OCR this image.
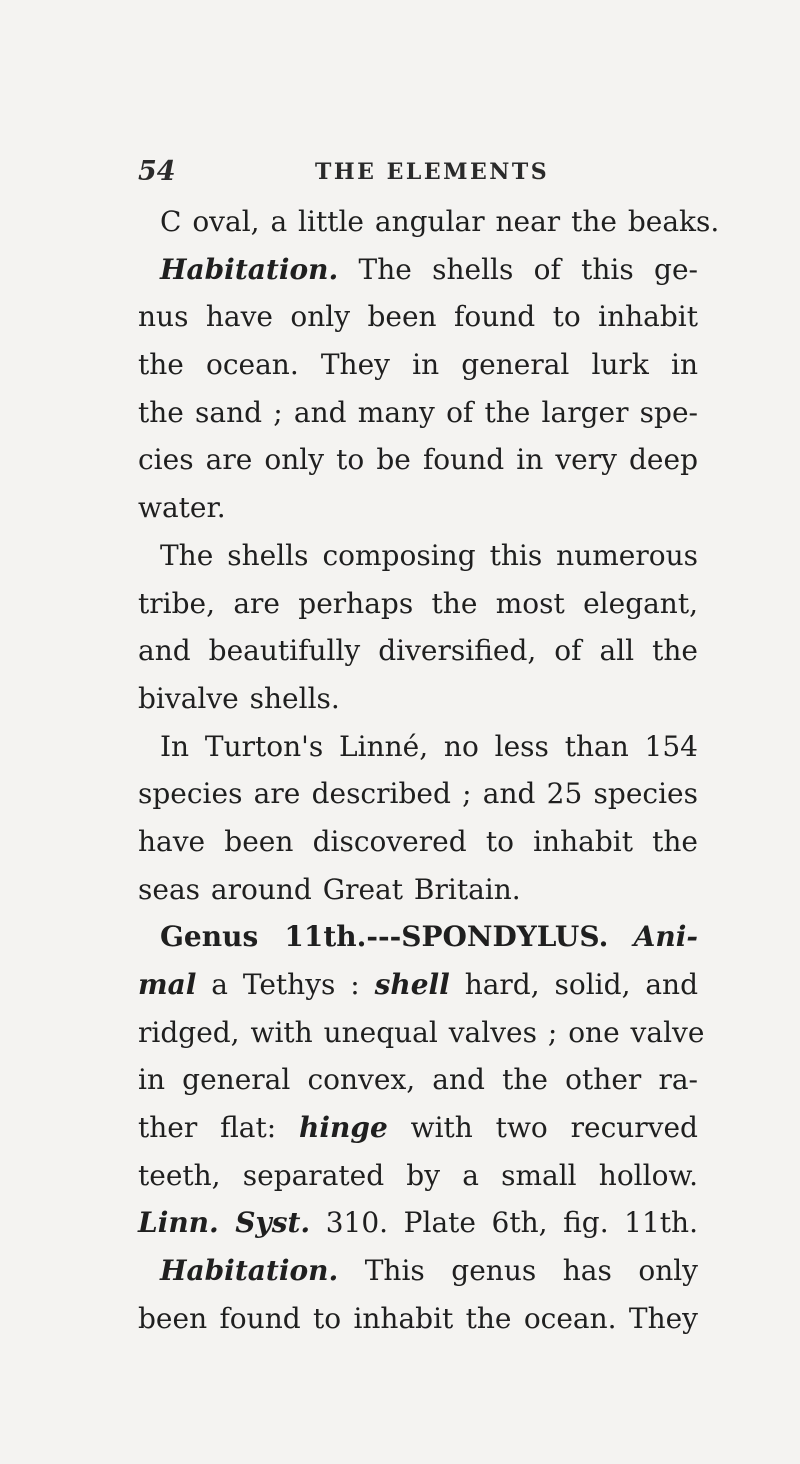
54	THE ELEMENTS
C oval, a little angular near the beaks.
Habitation. The shells of this ge-
nus have only been found to inhabit
the ocean. They in general lurk in
the sand ; and many of the larger spe-
cies are only to be found in very deep
water.
The shells composing this numerous
tribe, are perhaps the most elegant,
and beautifully diversified, of all the
bivalve shells.
In Turton's Linné, no less than 154
species are described ; and 25 species
have been discovered to inhabit the
seas around Great Britain.
Genus 11th.---SPONDYLUS. Ani-
mal a Tethys : shell hard, solid, and
ridged, with unequal valves ; one valve
in general convex, and the other ra-
ther flat: hinge with two recurved
teeth, separated by a small hollow.
Linn. Syst. 310. Plate 6th, fig. 11th.
Habitation. This genus has only
been found to inhabit the ocean. They
